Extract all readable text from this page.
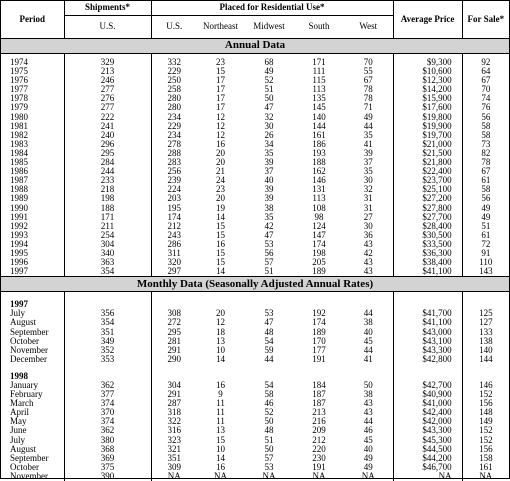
Period	Shipments*	Placed for Residential Use*					Average Price	For Sale*
	U.S.	U.S.	Northeast	Midwest	South	West		
Annual Data								

1974	329	332	23	68	171	70	$9,300	92
1975	213	229	15	49	111	55	$10,600	64
1976	246	250	17	52	115	67	$12,300	67
1977	277	258	17	51	113	78	$14,200	70
1978	276	280	17	50	135	78	$15,900	74
1979	277	280	17	47	145	71	$17,600	76
1980	222	234	12	32	140	49	$19,800	56
1981	241	229	12	30	144	44	$19,900	58
1982	240	234	12	26	161	35	$19,700	58
1983	296	278	16	34	186	41	$21,000	73
1984	295	288	20	35	193	39	$21,500	82
1985	284	283	20	39	188	37	$21,800	78
1986	244	256	21	37	162	35	$22,400	67
1987	233	239	24	40	146	30	$23,700	61
1988	218	224	23	39	131	32	$25,100	58
1989	198	203	20	39	113	31	$27,200	56
1990	188	195	19	38	108	31	$27,800	49
1991	171	174	14	35	98	27	$27,700	49
1992	211	212	15	42	124	30	$28,400	51
1993	254	243	15	47	147	36	$30,500	61
1994	304	286	16	53	174	43	$33,500	72
1995	340	311	15	56	198	42	$36,300	91
1996	363	320	15	57	205	43	$38,400	110
1997	354	297	14	51	189	43	$41,100	143
Monthly Data (Seasonally Adjusted Annual Rates)								

1997								
July	356	308	20	53	192	44	$41,700	125
August	354	272	12	47	174	38	$41,100	127
September	351	295	18	48	189	40	$43,000	133
October	349	281	13	54	170	45	$43,100	138
November	352	291	10	59	177	44	$43,300	140
December	353	290	14	44	191	41	$42,800	144

1998								
January	362	304	16	54	184	50	$42,700	146
February	377	291	9	58	187	38	$40,900	152
March	374	287	11	46	187	43	$41,000	156
April	370	318	11	52	213	43	$42,400	148
May	374	322	11	50	216	44	$42,000	149
June	362	316	13	48	209	46	$43,300	152
July	380	323	15	51	212	45	$45,300	152
August	368	321	10	50	220	40	$44,500	156
September	369	351	14	57	230	49	$44,200	158
October	375	309	16	53	191	49	$46,700	161
November	390	NA	NA	NA	NA	NA	NA	NA
